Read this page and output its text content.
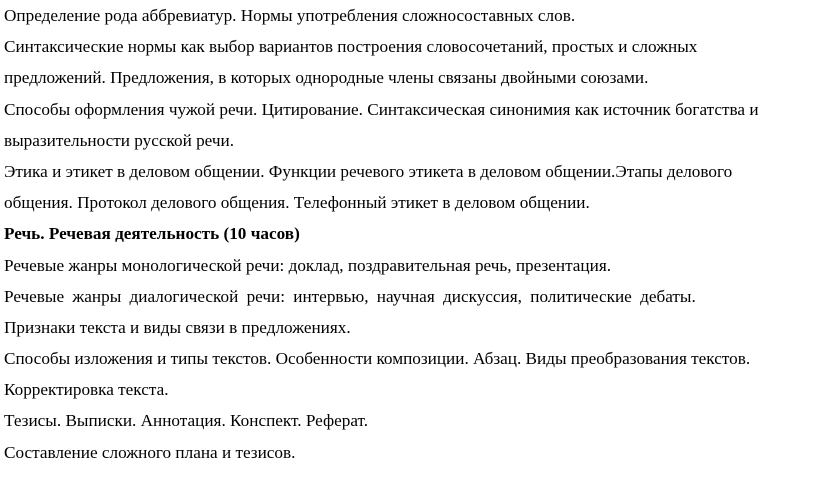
Определение рода аббревиатур. Нормы употребления сложносоставных слов.

Синтаксические нормы как выбор вариантов построения словосочетаний, простых и сложных

предложений. Предложения, в которых однородные члены связаны двойными союзами.

Способы оформления чужой речи. Цитирование. Синтаксическая синонимия как источник богатства и

выразительности русской речи.

Этика и этикет в деловом общении. Функции речевого этикета в деловом общении.Этапы делового

общения. Протокол делового общения. Телефонный этикет в деловом общении.

Речь. Речевая деятельность (10 часов)

Речевые жанры монологической речи: доклад, поздравительная речь, презентация.

Речевые жанры диалогической речи: интервью, научная дискуссия, политические дебаты.

Признаки текста и виды связи в предложениях.

Способы изложения и типы текстов. Особенности композиции. Абзац. Виды преобразования текстов.

Корректировка текста.

Тезисы. Выписки. Аннотация. Конспект. Реферат.

Составление сложного плана и тезисов.
